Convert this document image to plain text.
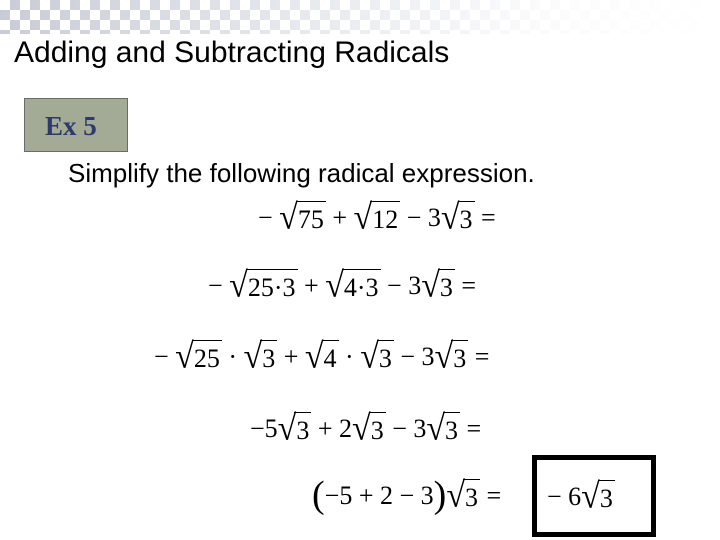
Adding and Subtracting Radicals
Ex 5
Simplify the following radical expression.
− √75 + √12 − 3√3 =
− √25·3 + √4·3 − 3√3 =
− √25 · √3 + √4 · √3 − 3√3 =
−5√3 + 2√3 − 3√3 =
(−5 + 2 − 3)√3 = − 6√3
